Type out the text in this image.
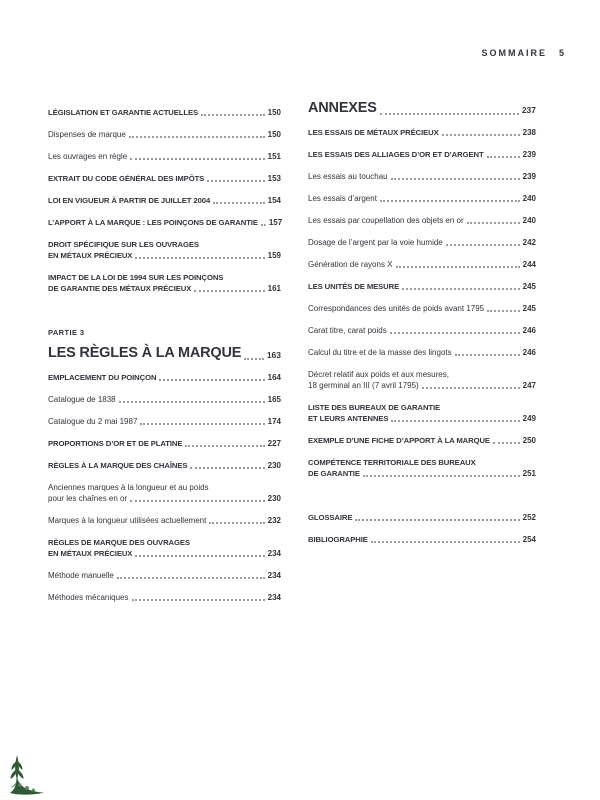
SOMMAIRE 5
LÉGISLATION ET GARANTIE ACTUELLES	150
Dispenses de marque	150
Les ouvrages en règle	151
EXTRAIT DU CODE GÉNÉRAL DES IMPÔTS	153
LOI EN VIGUEUR À PARTIR DE JUILLET 2004	154
L’APPORT À LA MARQUE : LES POINÇONS DE GARANTIE 157
DROIT SPÉCIFIQUE SUR LES OUVRAGES
EN MÉTAUX PRÉCIEUX	159
IMPACT DE LA LOI DE 1994 SUR LES POINÇONS
DE GARANTIE DES MÉTAUX PRÉCIEUX	161
PARTIE 3
LES RÈGLES À LA MARQUE	163
EMPLACEMENT DU POINÇON	164
Catalogue de 1838	165
Catalogue du 2 mai 1987	174
PROPORTIONS D’OR ET DE PLATINE	227
RÈGLES À LA MARQUE DES CHAÎNES	230
Anciennes marques à la longueur et au poids
pour les chaînes en or	230
Marques à la longueur utilisées actuellement	232
RÈGLES DE MARQUE DES OUVRAGES
EN MÉTAUX PRÉCIEUX	234
Méthode manuelle	234
Méthodes mécaniques	234
ANNEXES	237
LES ESSAIS DE MÉTAUX PRÉCIEUX	238
LES ESSAIS DES ALLIAGES D’OR ET D’ARGENT	239
Les essais au touchau	239
Les essais d’argent	240
Les essais par coupellation des objets en or	240
Dosage de l’argent par la voie humide	242
Génération de rayons X	244
LES UNITÉS DE MESURE	245
Correspondances des unités de poids avant 1795	245
Carat titre, carat poids	246
Calcul du titre et de la masse des lingots	246
Décret relatif aux poids et aux mesures,
18 germinal an III (7 avril 1795)	247
LISTE DES BUREAUX DE GARANTIE
ET LEURS ANTENNES	249
EXEMPLE D’UNE FICHE D’APPORT À LA MARQUE	250
COMPÉTENCE TERRITORIALE DES BUREAUX
DE GARANTIE	251
GLOSSAIRE	252
BIBLIOGRAPHIE	254
